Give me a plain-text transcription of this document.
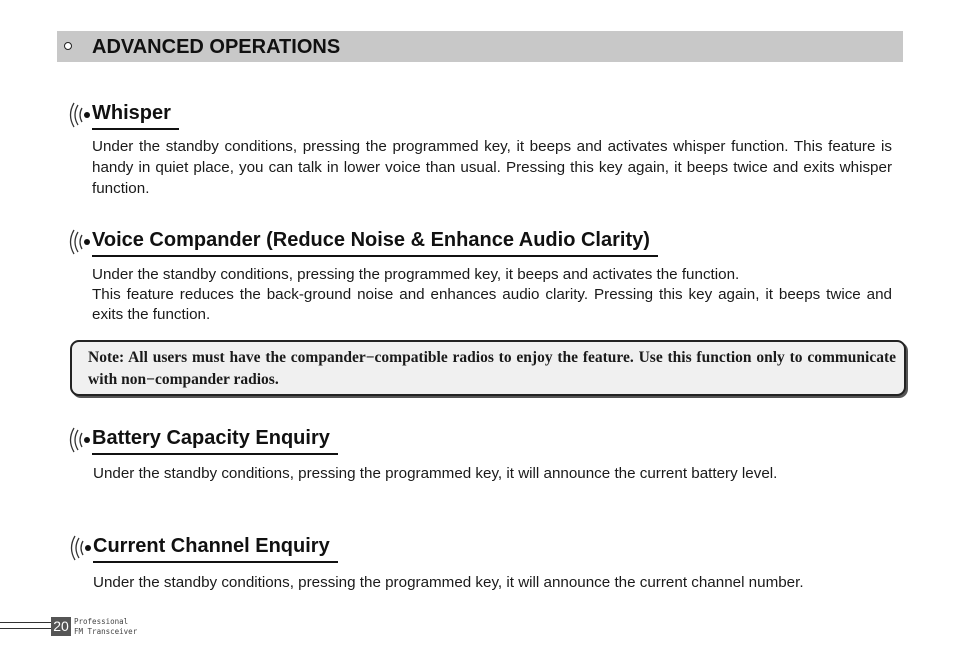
ADVANCED OPERATIONS
Whisper

Under the standby conditions, pressing the programmed key, it beeps and activates whisper function. This feature is handy in quiet place, you can talk in lower voice than usual. Pressing this key again, it beeps twice and exits whisper function.

Voice Compander (Reduce Noise & Enhance Audio Clarity)

Under the standby conditions, pressing the programmed key, it beeps and activates the function.

This feature reduces the back-ground noise and enhances audio clarity. Pressing this key again, it beeps twice and exits the function.

Note: All users must have the compander−compatible radios to enjoy the feature. Use this function only to communicate with non−compander radios.
Battery Capacity Enquiry

Under the standby conditions, pressing the programmed key, it will announce the current battery level.

Current Channel Enquiry

Under the standby conditions, pressing the programmed key, it will announce the current channel number.

20 Professional
FM Transceiver
